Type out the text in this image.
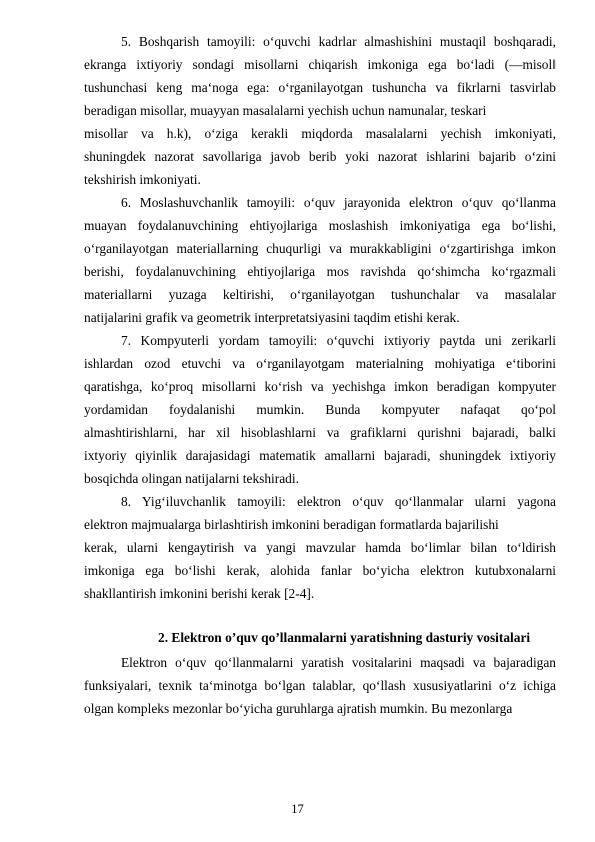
5. Boshqarish tamoyili: o‘quvchi kadrlar almashishini mustaqil boshqaradi,
ekranga ixtiyoriy sondagi misollarni chiqarish imkoniga ega bo‘ladi (―misol‖
tushunchasi keng ma‘noga ega: o‘rganilayotgan tushuncha va fikrlarni tasvirlab
beradigan misollar, muayyan masalalarni yechish uchun namunalar, teskari
misollar va h.k), o‘ziga kerakli miqdorda masalalarni yechish imkoniyati,
shuningdek nazorat savollariga javob berib yoki nazorat ishlarini bajarib o‘zini
tekshirish imkoniyati.
6. Moslashuvchanlik tamoyili: o‘quv jarayonida elektron o‘quv qo‘llanma
muayan foydalanuvchining ehtiyojlariga moslashish imkoniyatiga ega bo‘lishi,
o‘rganilayotgan materiallarning chuqurligi va murakkabligini o‘zgartirishga imkon
berishi, foydalanuvchining ehtiyojlariga mos ravishda qo‘shimcha ko‘rgazmali
materiallarni yuzaga keltirishi, o‘rganilayotgan tushunchalar va masalalar
natijalarini grafik va geometrik interpretatsiyasini taqdim etishi kerak.
7. Kompyuterli yordam tamoyili: o‘quvchi ixtiyoriy paytda uni zerikarli
ishlardan ozod etuvchi va o‘rganilayotgam materialning mohiyatiga e‘tiborini
qaratishga, ko‘proq misollarni ko‘rish va yechishga imkon beradigan kompyuter
yordamidan foydalanishi mumkin. Bunda kompyuter nafaqat qo‘pol
almashtirishlarni, har xil hisoblashlarni va grafiklarni qurishni bajaradi, balki
ixtyoriy qiyinlik darajasidagi matematik amallarni bajaradi, shuningdek ixtiyoriy
bosqichda olingan natijalarni tekshiradi.
8. Yig‘iluvchanlik tamoyili: elektron o‘quv qo‘llanmalar ularni yagona
elektron majmualarga birlashtirish imkonini beradigan formatlarda bajarilishi
kerak, ularni kengaytirish va yangi mavzular hamda bo‘limlar bilan to‘ldirish
imkoniga ega bo‘lishi kerak, alohida fanlar bo‘yicha elektron kutubxonalarni
shakllantirish imkonini berishi kerak [2-4].
2. Elektron o’quv qo’llanmalarni yaratishning dasturiy vositalari
Elektron o‘quv qo‘llanmalarni yaratish vositalarini maqsadi va bajaradigan
funksiyalari, texnik ta‘minotga bo‘lgan talablar, qo‘llash xususiyatlarini o‘z ichiga
olgan kompleks mezonlar bo‘yicha guruhlarga ajratish mumkin. Bu mezonlarga
17
